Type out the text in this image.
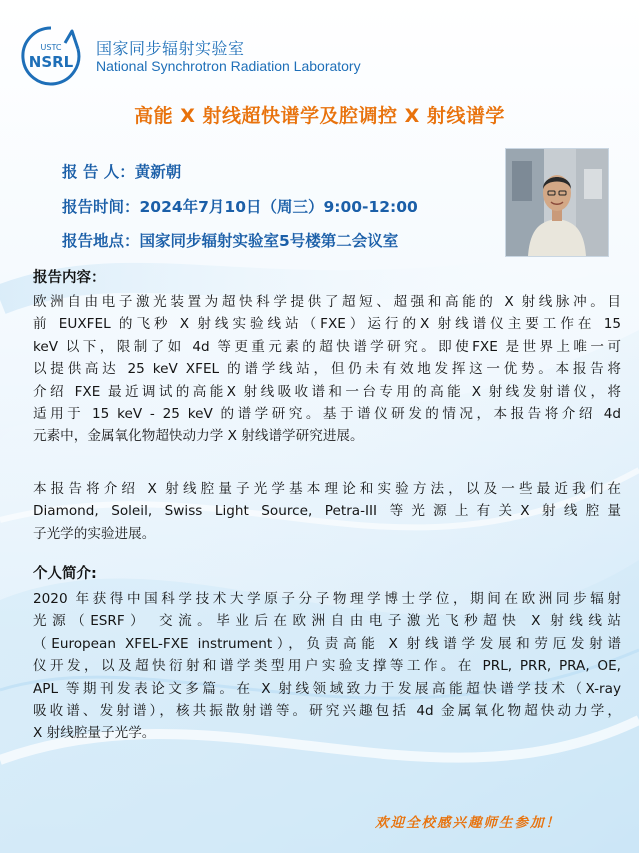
USTC
NSRL
国家同步辐射实验室
National Synchrotron Radiation Laboratory
高能 X 射线超快谱学及腔调控 X 射线谱学
报 告 人：黄新朝
报告时间：2024年7月10日（周三）9:00-12:00
报告地点：国家同步辐射实验室5号楼第二会议室
报告内容：
欧洲自由电子激光装置为超快科学提供了超短、超强和高能的 X 射线脉冲。目
前 EUXFEL 的飞秒 X 射线实验线站（FXE）运行的X 射线谱仪主要工作在 15
keV 以下，限制了如 4d 等更重元素的超快谱学研究。即使FXE 是世界上唯一可
以提供高达 25 keV XFEL 的谱学线站，但仍未有效地发挥这一优势。本报告将
介绍 FXE 最近调试的高能X 射线吸收谱和一台专用的高能 X 射线发射谱仪，将
适用于 15 keV - 25 keV 的谱学研究。基于谱仪研发的情况，本报告将介绍 4d
元素中，金属氧化物超快动力学 X 射线谱学研究进展。
本报告将介绍 X 射线腔量子光学基本理论和实验方法，以及一些最近我们在
Diamond, Soleil, Swiss Light Source, Petra-III 等光源上有关X 射线腔量
子光学的实验进展。
个人简介:
2020 年获得中国科学技术大学原子分子物理学博士学位，期间在欧洲同步辐射
光源（ESRF） 交流。毕业后在欧洲自由电子激光飞秒超快 X 射线线站
（European XFEL-FXE instrument），负责高能 X 射线谱学发展和劳厄发射谱
仪开发，以及超快衍射和谱学类型用户实验支撑等工作。在 PRL, PRR, PRA, OE,
APL 等期刊发表论文多篇。在 X 射线领域致力于发展高能超快谱学技术（X-ray
吸收谱、发射谱），核共振散射谱等。研究兴趣包括 4d 金属氧化物超快动力学，
X 射线腔量子光学。
欢迎全校感兴趣师生参加！
